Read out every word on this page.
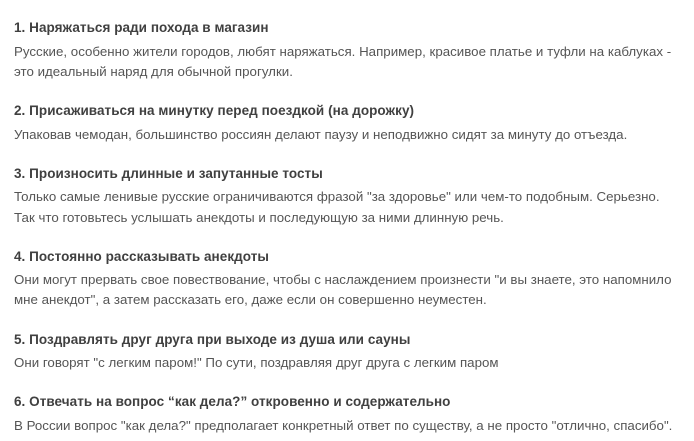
1. Наряжаться ради похода в магазин

Русские, особенно жители городов, любят наряжаться. Например, красивое платье и туфли на каблуках - это идеальный наряд для обычной прогулки.

2. Присаживаться на минутку перед поездкой (на дорожку)

Упаковав чемодан, большинство россиян делают паузу и неподвижно сидят за минуту до отъезда.

3. Произносить длинные и запутанные тосты

Только самые ленивые русские ограничиваются фразой "за здоровье" или чем-то подобным. Серьезно. Так что готовьтесь услышать анекдоты и последующую за ними длинную речь.

4. Постоянно рассказывать анекдоты

Они могут прервать свое повествование, чтобы с наслаждением произнести "и вы знаете, это напомнило мне анекдот", а затем рассказать его, даже если он совершенно неуместен.

5. Поздравлять друг друга при выходе из душа или сауны

Они говорят "с легким паром!" По сути, поздравляя друг друга с легким паром

6. Отвечать на вопрос “как дела?” откровенно и содержательно

В России вопрос "как дела?" предполагает конкретный ответ по существу, а не просто "отлично, спасибо".
